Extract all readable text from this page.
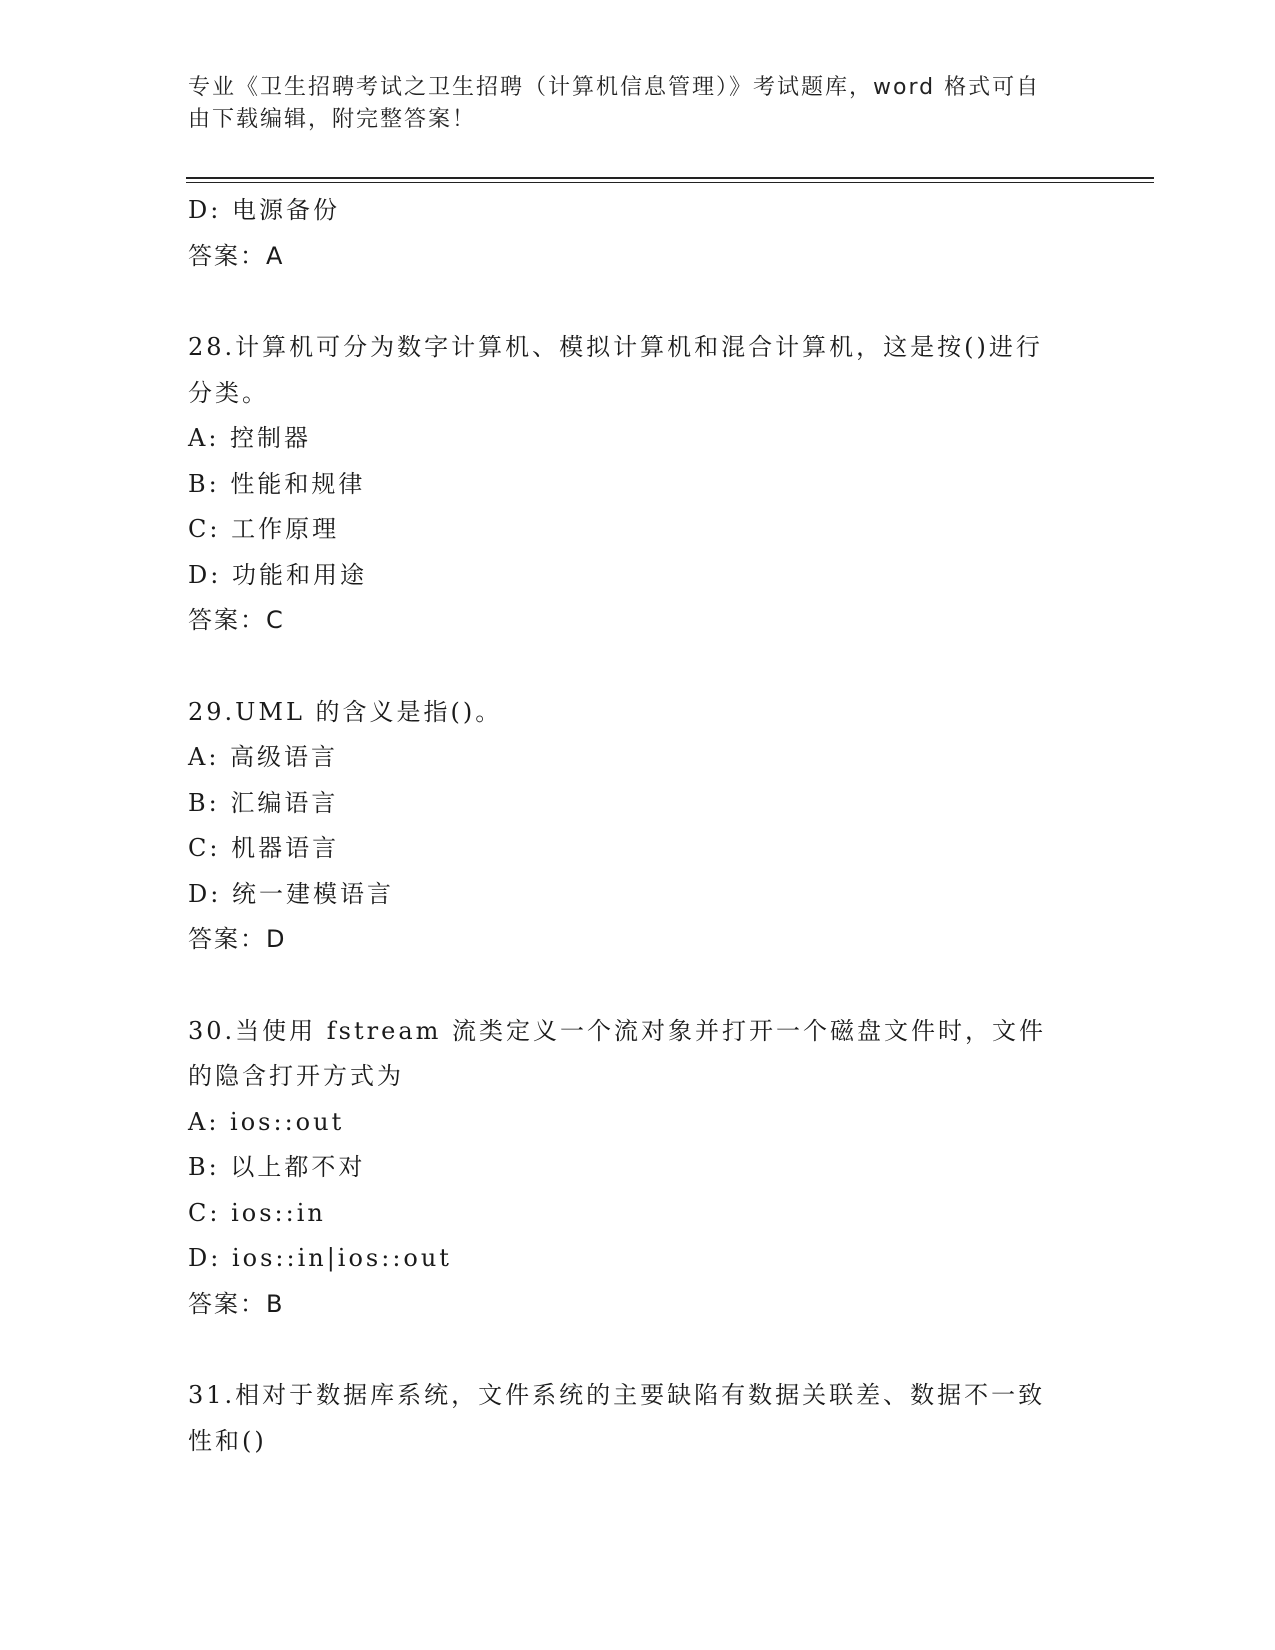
专业《卫生招聘考试之卫生招聘（计算机信息管理）》考试题库，word 格式可自
由下载编辑，附完整答案！
D: 电源备份
答案：A
28.计算机可分为数字计算机、模拟计算机和混合计算机，这是按()进行分类。
A: 控制器
B: 性能和规律
C: 工作原理
D: 功能和用途
答案：C
29.UML 的含义是指()。
A: 高级语言
B: 汇编语言
C: 机器语言
D: 统一建模语言
答案：D
30.当使用 fstream 流类定义一个流对象并打开一个磁盘文件时，文件的隐含打开方式为
A: ios::out
B: 以上都不对
C: ios::in
D: ios::in|ios::out
答案：B
31.相对于数据库系统，文件系统的主要缺陷有数据关联差、数据不一致性和()
